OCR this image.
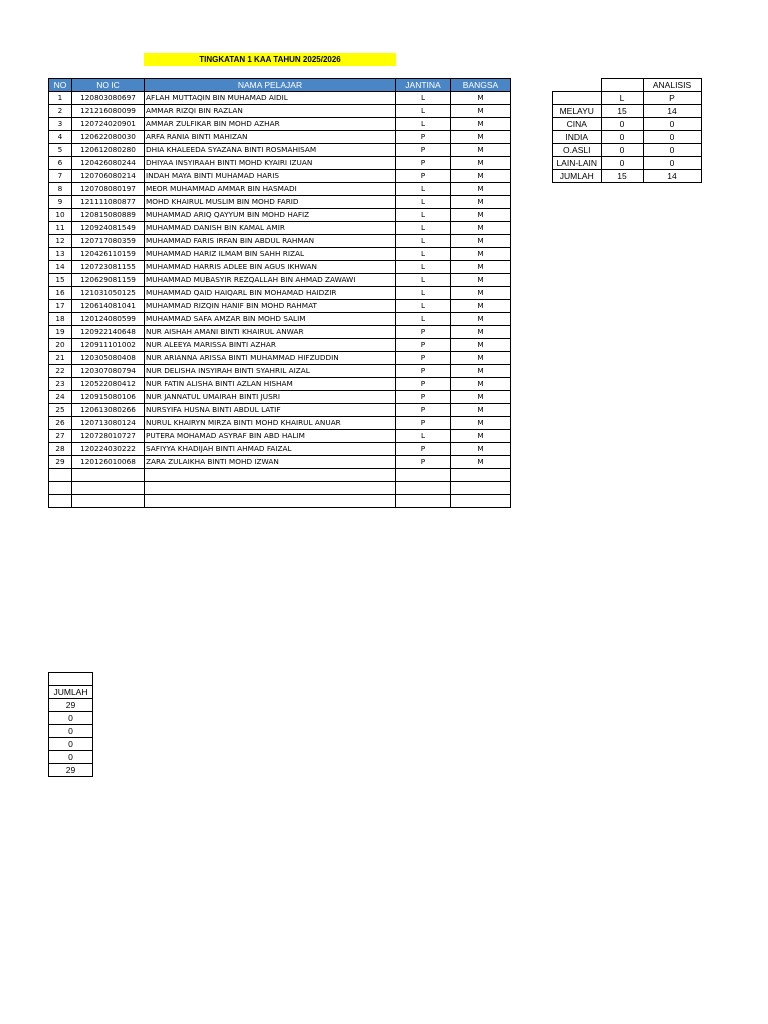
TINGKATAN 1 KAA TAHUN 2025/2026
NO	NO IC	NAMA PELAJAR	JANTINA	BANGSA
1	120803080697	AFLAH MUTTAQIN BIN MUHAMAD AIDIL	L	M
2	121216080099	AMMAR RIZQI BIN RAZLAN	L	M
3	120724020901	AMMAR ZULFIKAR BIN MOHD AZHAR	L	M
4	120622080030	ARFA RANIA BINTI MAHIZAN	P	M
5	120612080280	DHIA KHALEEDA SYAZANA BINTI ROSMAHISAM	P	M
6	120426080244	DHIYAA INSYIRAAH BINTI MOHD KYAIRI IZUAN	P	M
7	120706080214	INDAH MAYA BINTI MUHAMAD HARIS	P	M
8	120708080197	MEOR MUHAMMAD AMMAR BIN HASMADI	L	M
9	121111080877	MOHD KHAIRUL MUSLIM BIN MOHD FARID	L	M
10	120815080889	MUHAMMAD ARIQ QAYYUM BIN MOHD HAFIZ	L	M
11	120924081549	MUHAMMAD DANISH BIN KAMAL AMIR	L	M
12	120717080359	MUHAMMAD FARIS IRFAN BIN ABDUL RAHMAN	L	M
13	120426110159	MUHAMMAD HARIZ ILMAM BIN SAHH RIZAL	L	M
14	120723081155	MUHAMMAD HARRIS ADLEE BIN AGUS IKHWAN	L	M
15	120629081159	MUHAMMAD MUBASYIR REZQALLAH BIN AHMAD ZAWAWI	L	M
16	121031050125	MUHAMMAD QAID HAIQARL BIN MOHAMAD HAIDZIR	L	M
17	120614081041	MUHAMMAD RIZQIN HANIF BIN MOHD RAHMAT	L	M
18	120124080599	MUHAMMAD SAFA AMZAR BIN MOHD SALIM	L	M
19	120922140648	NUR AISHAH AMANI BINTI KHAIRUL ANWAR	P	M
20	120911101002	NUR ALEEYA MARISSA BINTI AZHAR	P	M
21	120305080408	NUR ARIANNA ARISSA BINTI MUHAMMAD HIFZUDDIN	P	M
22	120307080794	NUR DELISHA INSYIRAH BINTI SYAHRIL AIZAL	P	M
23	120522080412	NUR FATIN ALISHA BINTI AZLAN HISHAM	P	M
24	120915080106	NUR JANNATUL UMAIRAH BINTI JUSRI	P	M
25	120613080266	NURSYIFA HUSNA BINTI ABDUL LATIF	P	M
26	120713080124	NURUL KHAIRYN MIRZA BINTI MOHD KHAIRUL ANUAR	P	M
27	120728010727	PUTERA MOHAMAD ASYRAF BIN ABD HALIM	L	M
28	120224030222	SAFIYYA KHADIJAH BINTI AHMAD FAIZAL	P	M
29	120126010068	ZARA ZULAIKHA BINTI MOHD IZWAN	P	M

		ANALISIS
	L	P
MELAYU	15	14
CINA	0	0
INDIA	0	0
O.ASLI	0	0
LAIN-LAIN	0	0
JUMLAH	15	14

JUMLAH
29
0
0
0
0
29
